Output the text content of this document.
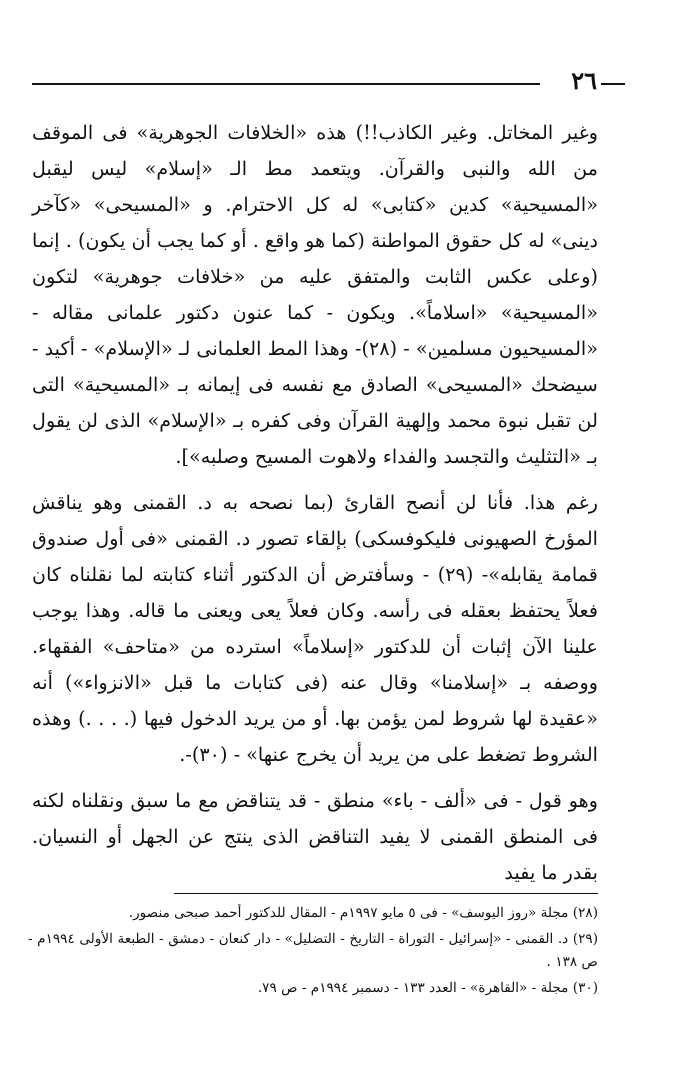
٢٦

وغير المخاتل. وغير الكاذب!!) هذه «الخلافات الجوهرية» فى الموقف من الله والنبى والقرآن. ويتعمد مط الـ «إسلام» ليس ليقبل «المسيحية» كدين «كتابى» له كل الاحترام. و «المسيحى» «كآخر دينى» له كل حقوق المواطنة (كما هو واقع . أو كما يجب أن يكون) . إنما (وعلى عكس الثابت والمتفق عليه من «خلافات جوهرية» لتكون «المسيحية» «اسلاماً». ويكون - كما عنون دكتور علمانى مقاله - «المسيحيون مسلمين» - (٢٨)- وهذا المط العلمانى لـ «الإسلام» - أكيد - سيضحك «المسيحى» الصادق مع نفسه فى إيمانه بـ «المسيحية» التى لن تقبل نبوة محمد وإلهية القرآن وفى كفره بـ «الإسلام» الذى لن يقول بـ «التثليث والتجسد والفداء ولاهوت المسيح وصلبه»].

رغم هذا. فأنا لن أنصح القارئ (بما نصحه به د. القمنى وهو يناقش المؤرخ الصهيونى فليكوفسكى) بإلقاء تصور د. القمنى «فى أول صندوق قمامة يقابله»- (٢٩) - وسأفترض أن الدكتور أثناء كتابته لما نقلناه كان فعلاً يحتفظ بعقله فى رأسه. وكان فعلاً يعى ويعنى ما قاله. وهذا يوجب علينا الآن إثبات أن للدكتور «إسلاماً» استرده من «متاحف» الفقهاء. ووصفه بـ «إسلامنا» وقال عنه (فى كتابات ما قبل «الانزواء») أنه «عقيدة لها شروط لمن يؤمن بها. أو من يريد الدخول فيها (. . . .) وهذه الشروط تضغط على من يريد أن يخرج عنها» - (٣٠)-.

وهو قول - فى «ألف - باء» منطق - قد يتناقض مع ما سبق ونقلناه لكنه فى المنطق القمنى لا يفيد التناقض الذى ينتج عن الجهل أو النسيان. بقدر ما يفيد

(٢٨) مجلة «روز اليوسف» - فى ٥ مايو ١٩٩٧م - المقال للدكتور أحمد صبحى منصور.

(٢٩) د. القمنى - «إسرائيل - التوراة - التاريخ - التضليل» - دار كنعان - دمشق - الطبعة الأولى ١٩٩٤م - ص ١٣٨ .

(٣٠) مجلة - «القاهرة» - العدد ١٣٣ - دسمبر ١٩٩٤م - ص ٧٩.
